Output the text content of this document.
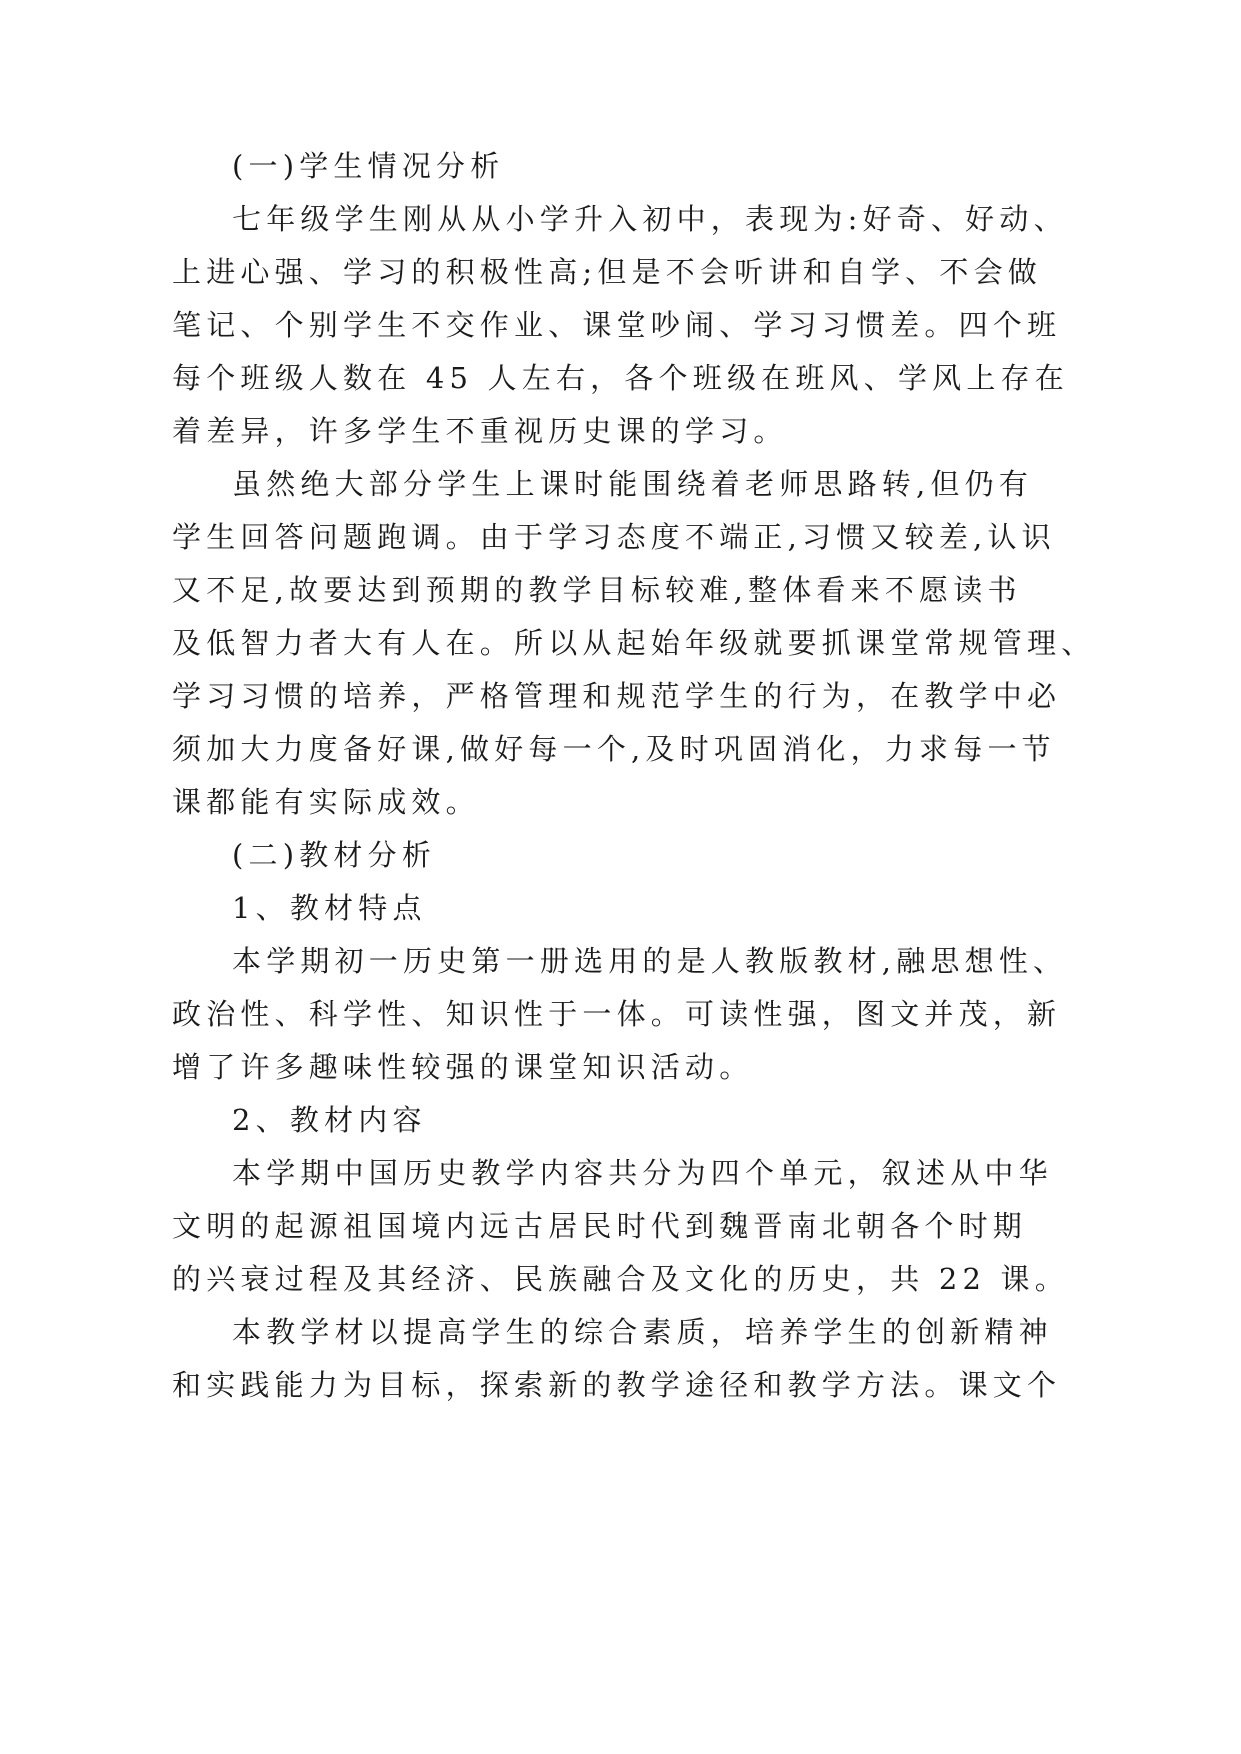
(一)学生情况分析

七年级学生刚从从小学升入初中，表现为:好奇、好动、

上进心强、学习的积极性高;但是不会听讲和自学、不会做

笔记、个别学生不交作业、课堂吵闹、学习习惯差。四个班

每个班级人数在 45 人左右，各个班级在班风、学风上存在

着差异，许多学生不重视历史课的学习。

虽然绝大部分学生上课时能围绕着老师思路转,但仍有

学生回答问题跑调。由于学习态度不端正,习惯又较差,认识

又不足,故要达到预期的教学目标较难,整体看来不愿读书

及低智力者大有人在。所以从起始年级就要抓课堂常规管理、

学习习惯的培养，严格管理和规范学生的行为，在教学中必

须加大力度备好课,做好每一个,及时巩固消化，力求每一节

课都能有实际成效。

(二)教材分析

1、教材特点

本学期初一历史第一册选用的是人教版教材,融思想性、

政治性、科学性、知识性于一体。可读性强，图文并茂，新

增了许多趣味性较强的课堂知识活动。

2、教材内容

本学期中国历史教学内容共分为四个单元，叙述从中华

文明的起源祖国境内远古居民时代到魏晋南北朝各个时期

的兴衰过程及其经济、民族融合及文化的历史，共 22 课。

本教学材以提高学生的综合素质，培养学生的创新精神

和实践能力为目标，探索新的教学途径和教学方法。课文个
